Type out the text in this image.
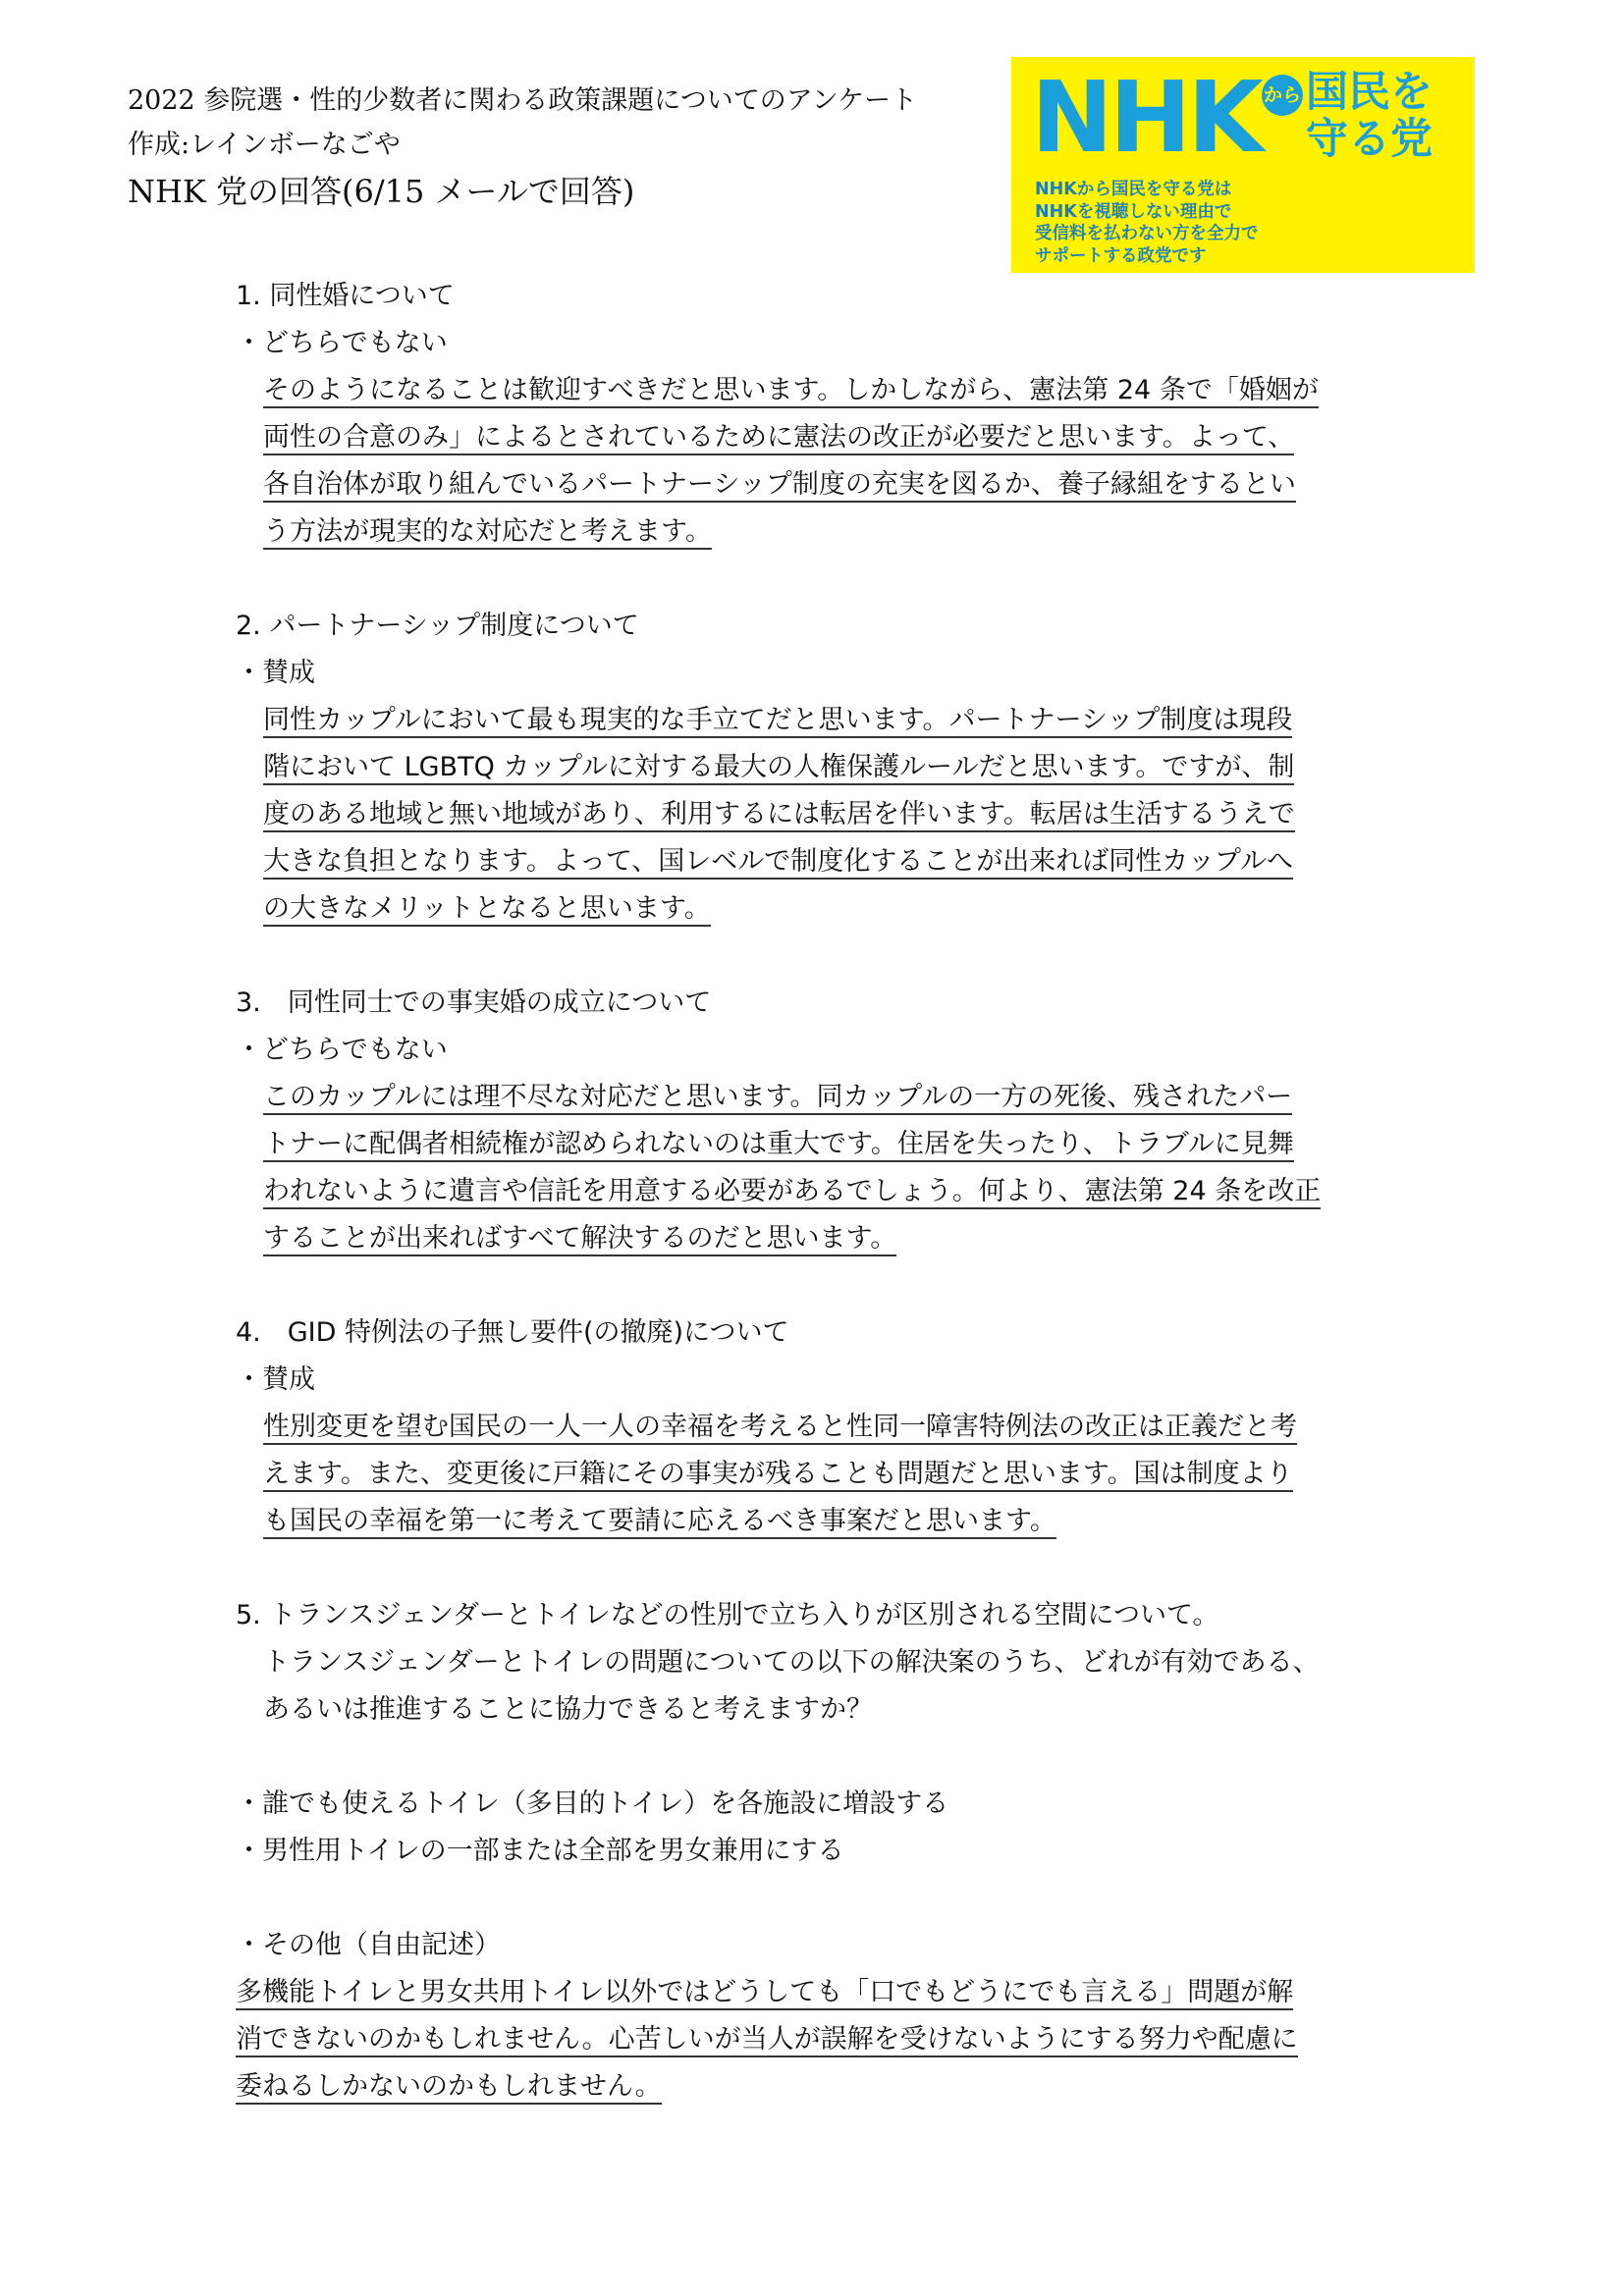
2022 参院選・性的少数者に関わる政策課題についてのアンケート
作成:レインボーなごや
NHK 党の回答(6/15 メールで回答)
NHK から 国民を
守る党
NHKから国民を守る党は
NHKを視聴しない理由で
受信料を払わない方を全力で
サポートする政党です
1. 同性婚について
・どちらでもない
そのようになることは歓迎すべきだと思います。しかしながら、憲法第 24 条で「婚姻が
両性の合意のみ」によるとされているために憲法の改正が必要だと思います。よって、
各自治体が取り組んでいるパートナーシップ制度の充実を図るか、養子縁組をするとい
う方法が現実的な対応だと考えます。
2. パートナーシップ制度について
・賛成
同性カップルにおいて最も現実的な手立てだと思います。パートナーシップ制度は現段
階において LGBTQ カップルに対する最大の人権保護ルールだと思います。ですが、制
度のある地域と無い地域があり、利用するには転居を伴います。転居は生活するうえで
大きな負担となります。よって、国レベルで制度化することが出来れば同性カップルへ
の大きなメリットとなると思います。
3.　同性同士での事実婚の成立について
・どちらでもない
このカップルには理不尽な対応だと思います。同カップルの一方の死後、残されたパー
トナーに配偶者相続権が認められないのは重大です。住居を失ったり、トラブルに見舞
われないように遺言や信託を用意する必要があるでしょう。何より、憲法第 24 条を改正
することが出来ればすべて解決するのだと思います。
4.　GID 特例法の子無し要件(の撤廃)について
・賛成
性別変更を望む国民の一人一人の幸福を考えると性同一障害特例法の改正は正義だと考
えます。また、変更後に戸籍にその事実が残ることも問題だと思います。国は制度より
も国民の幸福を第一に考えて要請に応えるべき事案だと思います。
5. トランスジェンダーとトイレなどの性別で立ち入りが区別される空間について。
トランスジェンダーとトイレの問題についての以下の解決案のうち、どれが有効である、
あるいは推進することに協力できると考えますか？
・誰でも使えるトイレ（多目的トイレ）を各施設に増設する
・男性用トイレの一部または全部を男女兼用にする
・その他（自由記述）
多機能トイレと男女共用トイレ以外ではどうしても「口でもどうにでも言える」問題が解
消できないのかもしれません。心苦しいが当人が誤解を受けないようにする努力や配慮に
委ねるしかないのかもしれません。
